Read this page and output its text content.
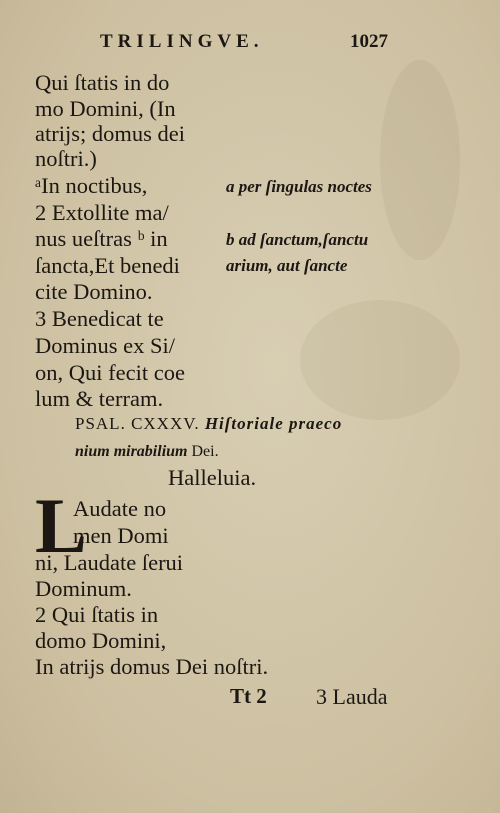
TRILINGVE.	1027
Qui ſtatis in do
mo Domini, (In
atrijs; domus dei
noſtri.)
ᵃIn noctibus,
2 Extollite ma/
nus ueſtras ᵇ in
ſancta,Et benedi
cite Domino.
3 Benedicat te
Dominus ex Si/
on, Qui fecit coe
lum & terram.
a per ſingulas noctes
b ad ſanctum,ſanctu
arium, aut ſancte
PSAL. CXXXV. Hiſtoriale praeco
nium mirabilium Dei.
Halleluia.
L
Audate no
men Domi
ni, Laudate ſerui
Dominum.
2 Qui ſtatis in
domo Domini,
In atrijs domus Dei noſtri.
Tt 2 3 Lauda
